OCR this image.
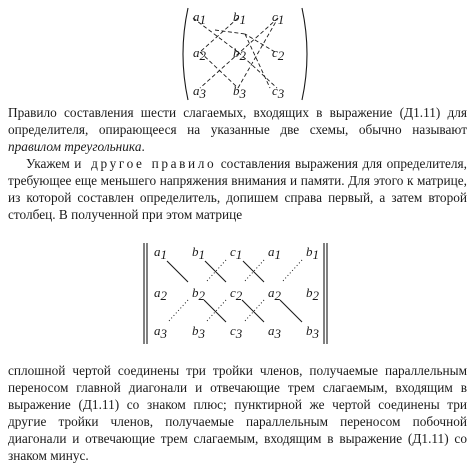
a1 b1 c1
a2 b2 c2
a3 b3 c3

Правило составления шести слагаемых, входящих в выражение (Д1.11) для определителя, опирающееся на указанные две схемы, обычно называют правилом треугольника.

Укажем и другое правило составления выражения для определителя, требующее еще меньшего напряжения внимания и памяти. Для этого к матрице, из которой составлен определитель, допишем справа первый, а затем второй столбец. В полученной при этом матрице

a1 b1 c1 a1 b1
a2 b2 c2 a2 b2
a3 b3 c3 a3 b3

сплошной чертой соединены три тройки членов, получаемые параллельным переносом главной диагонали и отвечающие трем слагаемым, входящим в выражение (Д1.11) со знаком плюс; пунктирной же чертой соединены три другие тройки членов, получаемые параллельным переносом побочной диагонали и отвечающие трем слагаемым, входящим в выражение (Д1.11) со знаком минус.
